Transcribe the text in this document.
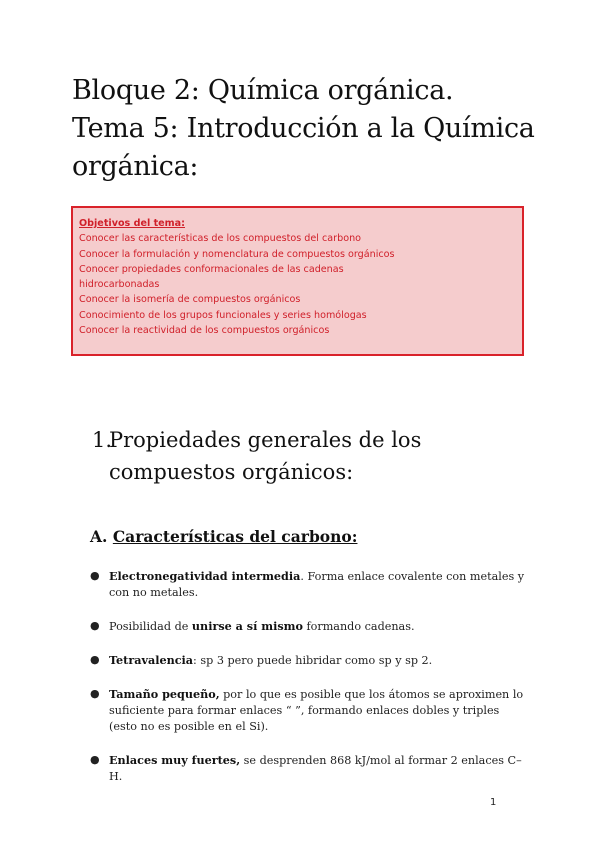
Bloque 2: Química orgánica.
Tema 5: Introducción a la Química
orgánica:
Objetivos del tema:
Conocer las características de los compuestos del carbono
Conocer la formulación y nomenclatura de compuestos orgánicos
Conocer propiedades conformacionales de las cadenas
hidrocarbonadas
Conocer la isomería de compuestos orgánicos
Conocimiento de los grupos funcionales y series homólogas
Conocer la reactividad de los compuestos orgánicos
1.
Propiedades generales de los compuestos orgánicos:
A. Características del carbono:
● Electronegatividad intermedia. Forma enlace covalente con metales y con no metales.
● Posibilidad de unirse a sí mismo formando cadenas.
● Tetravalencia: sp 3 pero puede hibridar como sp y sp 2.
● Tamaño pequeño, por lo que es posible que los átomos se aproximen lo suficiente para formar enlaces “ ”, formando enlaces dobles y triples (esto no es posible en el Si).
● Enlaces muy fuertes, se desprenden 868 kJ/mol al formar 2 enlaces C–H.
1
